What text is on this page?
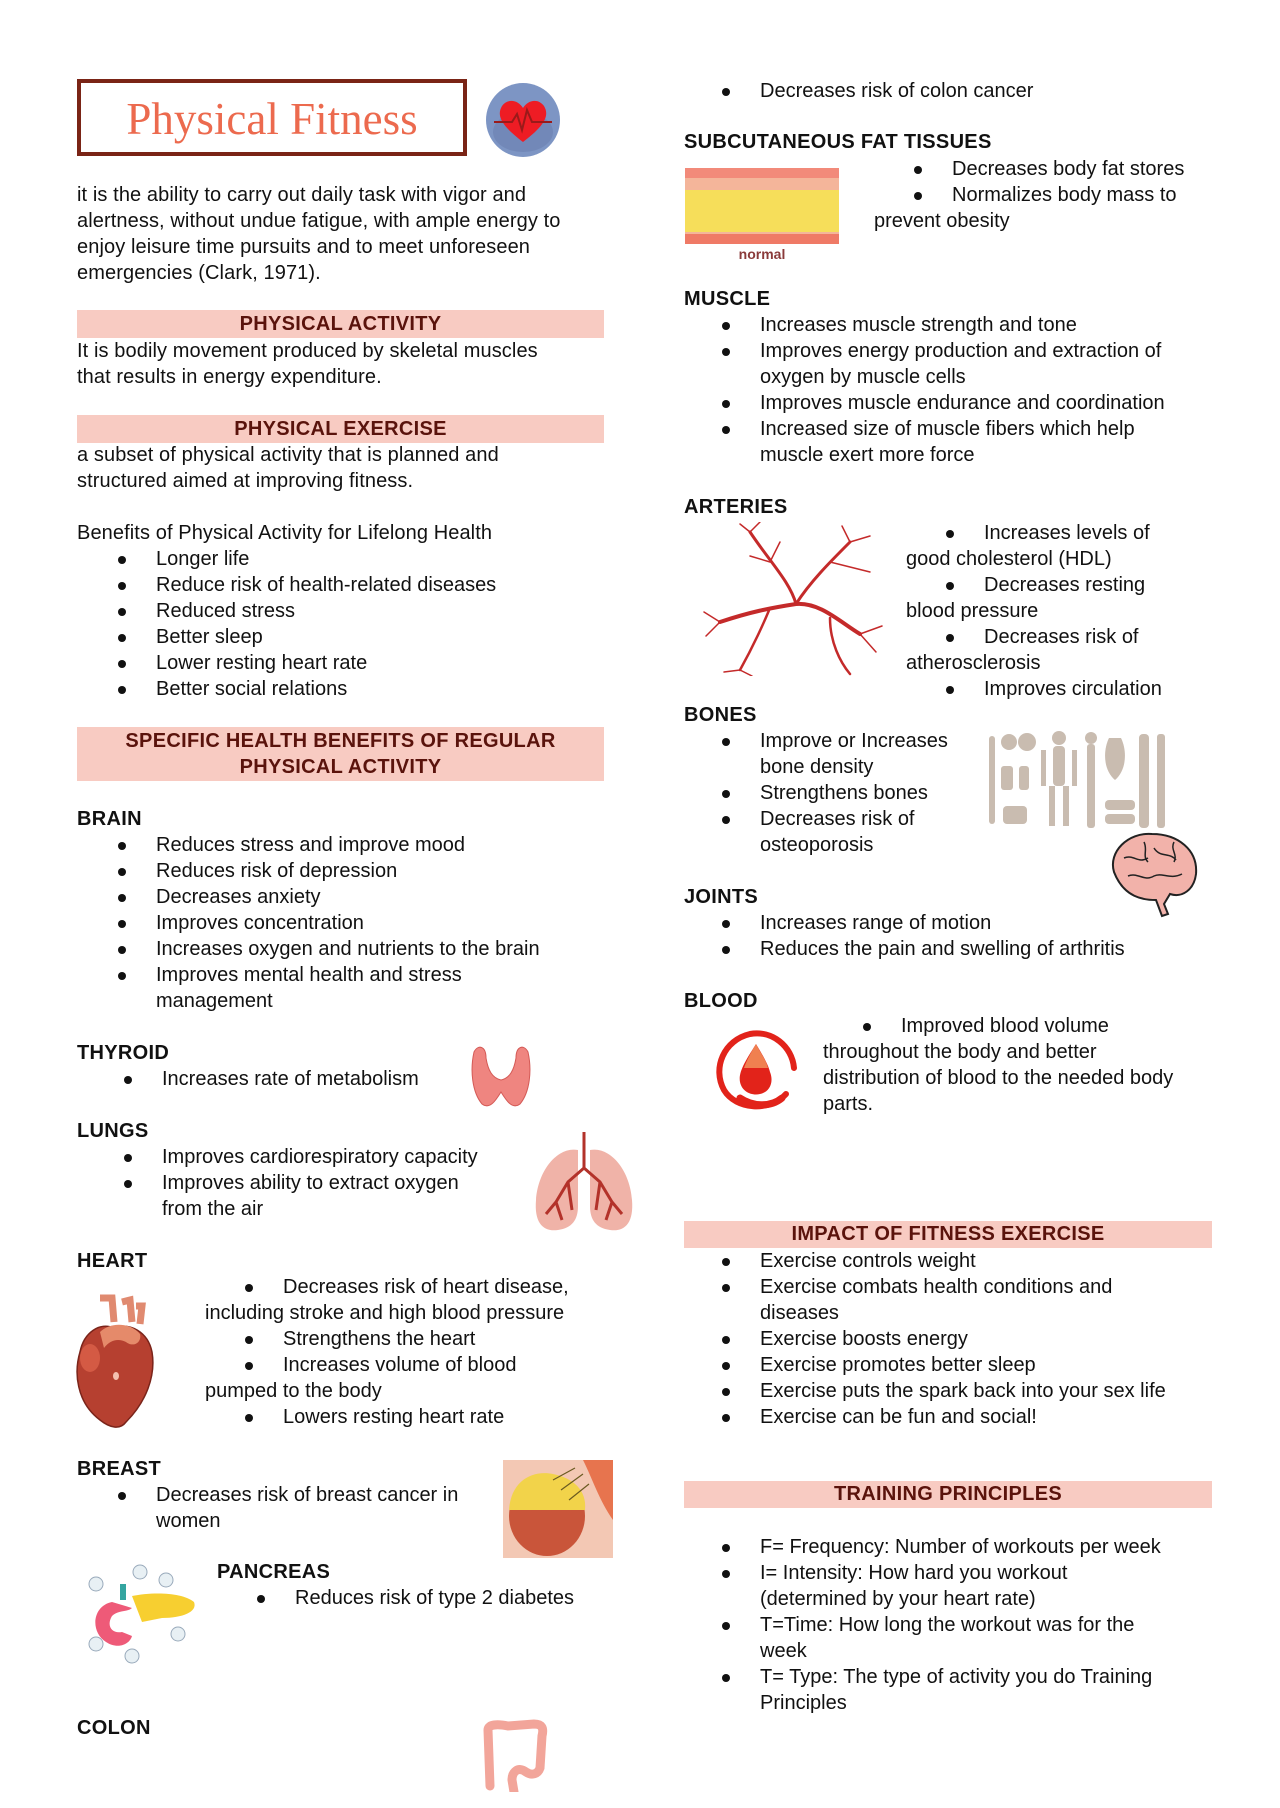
Physical Fitness
it is the ability to carry out daily task with vigor and
alertness, without undue fatigue, with ample energy to
enjoy leisure time pursuits and to meet unforeseen
emergencies (Clark, 1971).
PHYSICAL ACTIVITY
It is bodily movement produced by skeletal muscles
that results in energy expenditure.
PHYSICAL EXERCISE
a subset of physical activity that is planned and
structured aimed at improving fitness.
Benefits of Physical Activity for Lifelong Health
Longer life
Reduce risk of health-related diseases
Reduced stress
Better sleep
Lower resting heart rate
Better social relations
SPECIFIC HEALTH BENEFITS OF REGULAR
PHYSICAL ACTIVITY
BRAIN
Reduces stress and improve mood
Reduces risk of depression
Decreases anxiety
Improves concentration
Increases oxygen and nutrients to the brain
Improves mental health and stress
management
THYROID
Increases rate of metabolism
LUNGS
Improves cardiorespiratory capacity
Improves ability to extract oxygen
from the air
HEART
Decreases risk of heart disease,
including stroke and high blood pressure
Strengthens the heart
Increases volume of blood
pumped to the body
Lowers resting heart rate
BREAST
Decreases risk of breast cancer in
women
PANCREAS
Reduces risk of type 2 diabetes
COLON
Decreases risk of colon cancer
SUBCUTANEOUS FAT TISSUES
normal
Decreases body fat stores
Normalizes body mass to
prevent obesity
MUSCLE
Increases muscle strength and tone
Improves energy production and extraction of
oxygen by muscle cells
Improves muscle endurance and coordination
Increased size of muscle fibers which help
muscle exert more force
ARTERIES
Increases levels of
good cholesterol (HDL)
Decreases resting
blood pressure
Decreases risk of
atherosclerosis
Improves circulation
BONES
Improve or Increases
bone density
Strengthens bones
Decreases risk of
osteoporosis
JOINTS
Increases range of motion
Reduces the pain and swelling of arthritis
BLOOD
Improved blood volume
throughout the body and better
distribution of blood to the needed body
parts.
IMPACT OF FITNESS EXERCISE
Exercise controls weight
Exercise combats health conditions and
diseases
Exercise boosts energy
Exercise promotes better sleep
Exercise puts the spark back into your sex life
Exercise can be fun and social!
TRAINING PRINCIPLES
F= Frequency: Number of workouts per week
I= Intensity: How hard you workout
(determined by your heart rate)
T=Time: How long the workout was for the
week
T= Type: The type of activity you do Training
Principles
